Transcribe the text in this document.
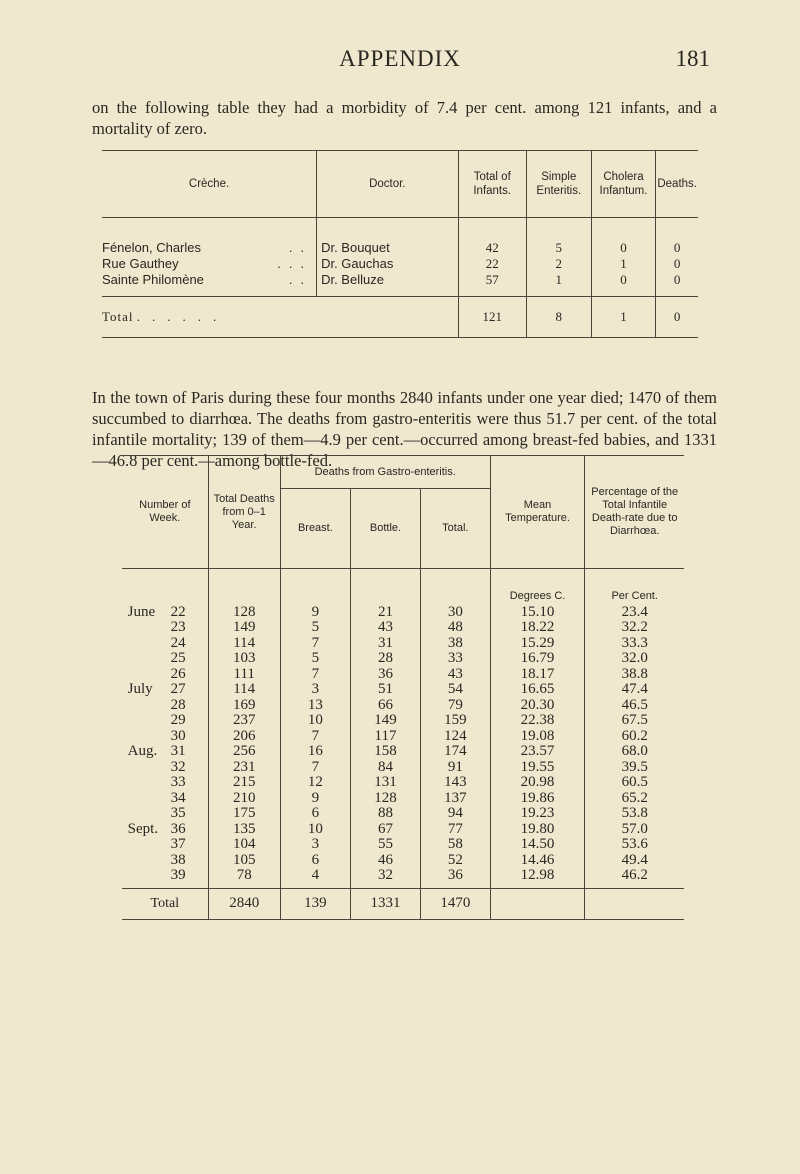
APPENDIX	181
on the following table they had a morbidity of 7.4 per cent. among 121 infants, and a mortality of zero.
Crèche.	Doctor.	Total of Infants.	Simple Enteritis.	Cholera Infantum.	Deaths.
Fénelon, Charles ..	Dr. Bouquet	42	5	0	0
Rue Gauthey ...	Dr. Gauchas	22	2	1	0
Sainte Philomène ..	Dr. Belluze	57	1	0	0
Total ......		121	8	1	0
In the town of Paris during these four months 2840 infants under one year died; 1470 of them succumbed to diarrhœa. The deaths from gastro-enteritis were thus 51.7 per cent. of the total infantile mortality; 139 of them—4.9 per cent.—occurred among breast-fed babies, and 1331—46.8 per cent.—among bottle-fed.
Number of Week.	Total Deaths from 0–1 Year.	Deaths from Gastro-enteritis.			Mean Temperature.	Percentage of the Total Infantile Death-rate due to Diarrhœa.
		Breast.	Bottle.	Total.		
					Degrees C.	Per Cent.
June 22	128	9	21	30	15.10	23.4
23	149	5	43	48	18.22	32.2
24	114	7	31	38	15.29	33.3
25	103	5	28	33	16.79	32.0
26	111	7	36	43	18.17	38.8
July 27	114	3	51	54	16.65	47.4
28	169	13	66	79	20.30	46.5
29	237	10	149	159	22.38	67.5
30	206	7	117	124	19.08	60.2
Aug. 31	256	16	158	174	23.57	68.0
32	231	7	84	91	19.55	39.5
33	215	12	131	143	20.98	60.5
34	210	9	128	137	19.86	65.2
35	175	6	88	94	19.23	53.8
Sept. 36	135	10	67	77	19.80	57.0
37	104	3	55	58	14.50	53.6
38	105	6	46	52	14.46	49.4
39	78	4	32	36	12.98	46.2
Total	2840	139	1331	1470		
